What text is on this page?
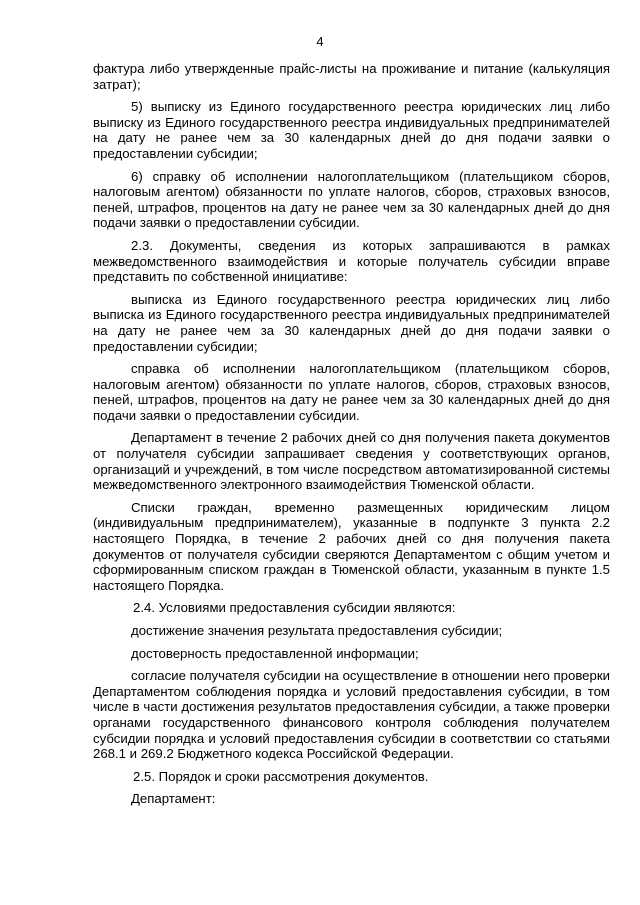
4

фактура либо утвержденные прайс-листы на проживание и питание (калькуляция затрат);

5) выписку из Единого государственного реестра юридических лиц либо выписку из Единого государственного реестра индивидуальных предпринимателей на дату не ранее чем за 30 календарных дней до дня подачи заявки о предоставлении субсидии;

6) справку об исполнении налогоплательщиком (плательщиком сборов, налоговым агентом) обязанности по уплате налогов, сборов, страховых взносов, пеней, штрафов, процентов на дату не ранее чем за 30 календарных дней до дня подачи заявки о предоставлении субсидии.

2.3. Документы, сведения из которых запрашиваются в рамках межведомственного взаимодействия и которые получатель субсидии вправе представить по собственной инициативе:

выписка из Единого государственного реестра юридических лиц либо выписка из Единого государственного реестра индивидуальных предпринимателей на дату не ранее чем за 30 календарных дней до дня подачи заявки о предоставлении субсидии;

справка об исполнении налогоплательщиком (плательщиком сборов, налоговым агентом) обязанности по уплате налогов, сборов, страховых взносов, пеней, штрафов, процентов на дату не ранее чем за 30 календарных дней до дня подачи заявки о предоставлении субсидии.

Департамент в течение 2 рабочих дней со дня получения пакета документов от получателя субсидии запрашивает сведения у соответствующих органов, организаций и учреждений, в том числе посредством автоматизированной системы межведомственного электронного взаимодействия Тюменской области.

Списки граждан, временно размещенных юридическим лицом (индивидуальным предпринимателем), указанные в подпункте 3 пункта 2.2 настоящего Порядка, в течение 2 рабочих дней со дня получения пакета документов от получателя субсидии сверяются Департаментом с общим учетом и сформированным списком граждан в Тюменской области, указанным в пункте 1.5 настоящего Порядка.

2.4. Условиями предоставления субсидии являются:

достижение значения результата предоставления субсидии;

достоверность предоставленной информации;

согласие получателя субсидии на осуществление в отношении него проверки Департаментом соблюдения порядка и условий предоставления субсидии, в том числе в части достижения результатов предоставления субсидии, а также проверки органами государственного финансового контроля соблюдения получателем субсидии порядка и условий предоставления субсидии в соответствии со статьями 268.1 и 269.2 Бюджетного кодекса Российской Федерации.

2.5. Порядок и сроки рассмотрения документов.

Департамент:
